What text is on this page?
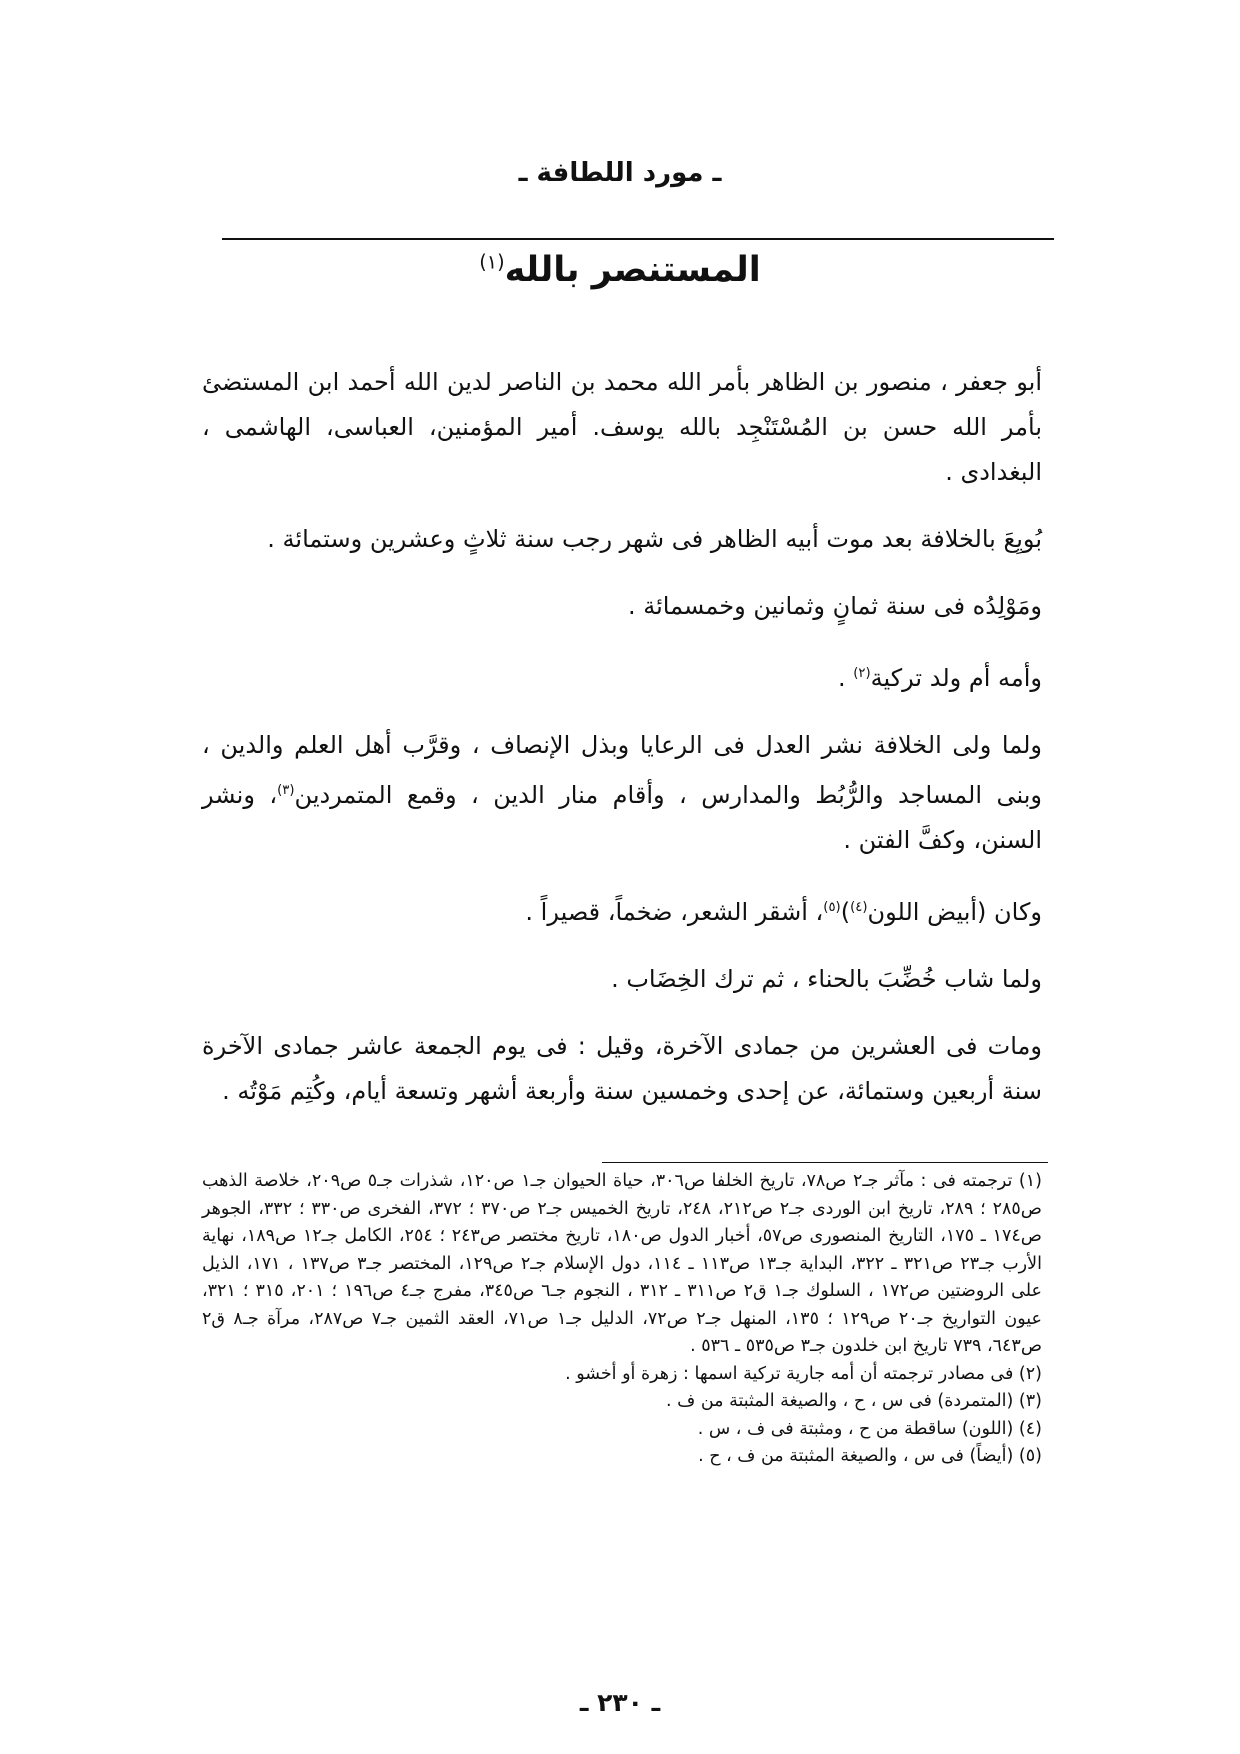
ـ مورد اللطافة ـ
المستنصر بالله$^{(١)}$

أبو جعفر ، منصور بن الظاهر بأمر الله محمد بن الناصر لدين الله أحمد ابن المستضئ بأمر الله حسن بن المُسْتَنْجِد بالله يوسف. أمير المؤمنين، العباسى، الهاشمى ، البغدادى .

بُويِعَ بالخلافة بعد موت أبيه الظاهر فى شهر رجب سنة ثلاثٍ وعشرين وستمائة .

ومَوْلِدُه فى سنة ثمانٍ وثمانين وخمسمائة .

وأمه أم ولد تركية$^{(٢)}$ .

ولما ولى الخلافة نشر العدل فى الرعايا وبذل الإنصاف ، وقرَّب أهل العلم والدين ، وبنى المساجد والرُّبُط والمدارس ، وأقام منار الدين ، وقمع المتمردين$^{(٣)}$، ونشر السنن، وكفَّ الفتن .

وكان (أبيض اللون$^{(٤)}$)$^{(٥)}$، أشقر الشعر، ضخماً، قصيراً .

ولما شاب خُضِّبَ بالحناء ، ثم ترك الخِضَاب .

ومات فى العشرين من جمادى الآخرة، وقيل : فى يوم الجمعة عاشر جمادى الآخرة سنة أربعين وستمائة، عن إحدى وخمسين سنة وأربعة أشهر وتسعة أيام، وكُتِم مَوْتُه .

(١) ترجمته فى : مآثر جـ٢ ص٧٨، تاريخ الخلفا ص٣٠٦، حياة الحيوان جـ١ ص١٢٠، شذرات جـ٥ ص٢٠٩، خلاصة الذهب ص٢٨٥ ؛ ٢٨٩، تاريخ ابن الوردى جـ٢ ص٢١٢، ٢٤٨، تاريخ الخميس جـ٢ ص٣٧٠ ؛ ٣٧٢، الفخرى ص٣٣٠ ؛ ٣٣٢، الجوهر ص١٧٤ ـ ١٧٥، التاريخ المنصورى ص٥٧، أخبار الدول ص١٨٠، تاريخ مختصر ص٢٤٣ ؛ ٢٥٤، الكامل جـ١٢ ص١٨٩، نهاية الأرب جـ٢٣ ص٣٢١ ـ ٣٢٢، البداية جـ١٣ ص١١٣ ـ ١١٤، دول الإسلام جـ٢ ص١٢٩، المختصر جـ٣ ص١٣٧ ، ١٧١، الذيل على الروضتين ص١٧٢ ، السلوك جـ١ ق٢ ص٣١١ ـ ٣١٢ ، النجوم جـ٦ ص٣٤٥، مفرج جـ٤ ص١٩٦ ؛ ٢٠١، ٣١٥ ؛ ٣٢١، عيون التواريخ جـ٢٠ ص١٢٩ ؛ ١٣٥، المنهل جـ٢ ص٧٢، الدليل جـ١ ص٧١، العقد الثمين جـ٧ ص٢٨٧، مرآة جـ٨ ق٢ ص٦٤٣، ٧٣٩ تاريخ ابن خلدون جـ٣ ص٥٣٥ ـ ٥٣٦ .

(٢) فى مصادر ترجمته أن أمه جارية تركية اسمها : زهرة أو أخشو .

(٣) (المتمردة) فى س ، ح ، والصيغة المثبتة من ف .

(٤) (اللون) ساقطة من ح ، ومثبتة فى ف ، س .

(٥) (أيضاً) فى س ، والصيغة المثبتة من ف ، ح .

ـ ٢٣٠ ـ
